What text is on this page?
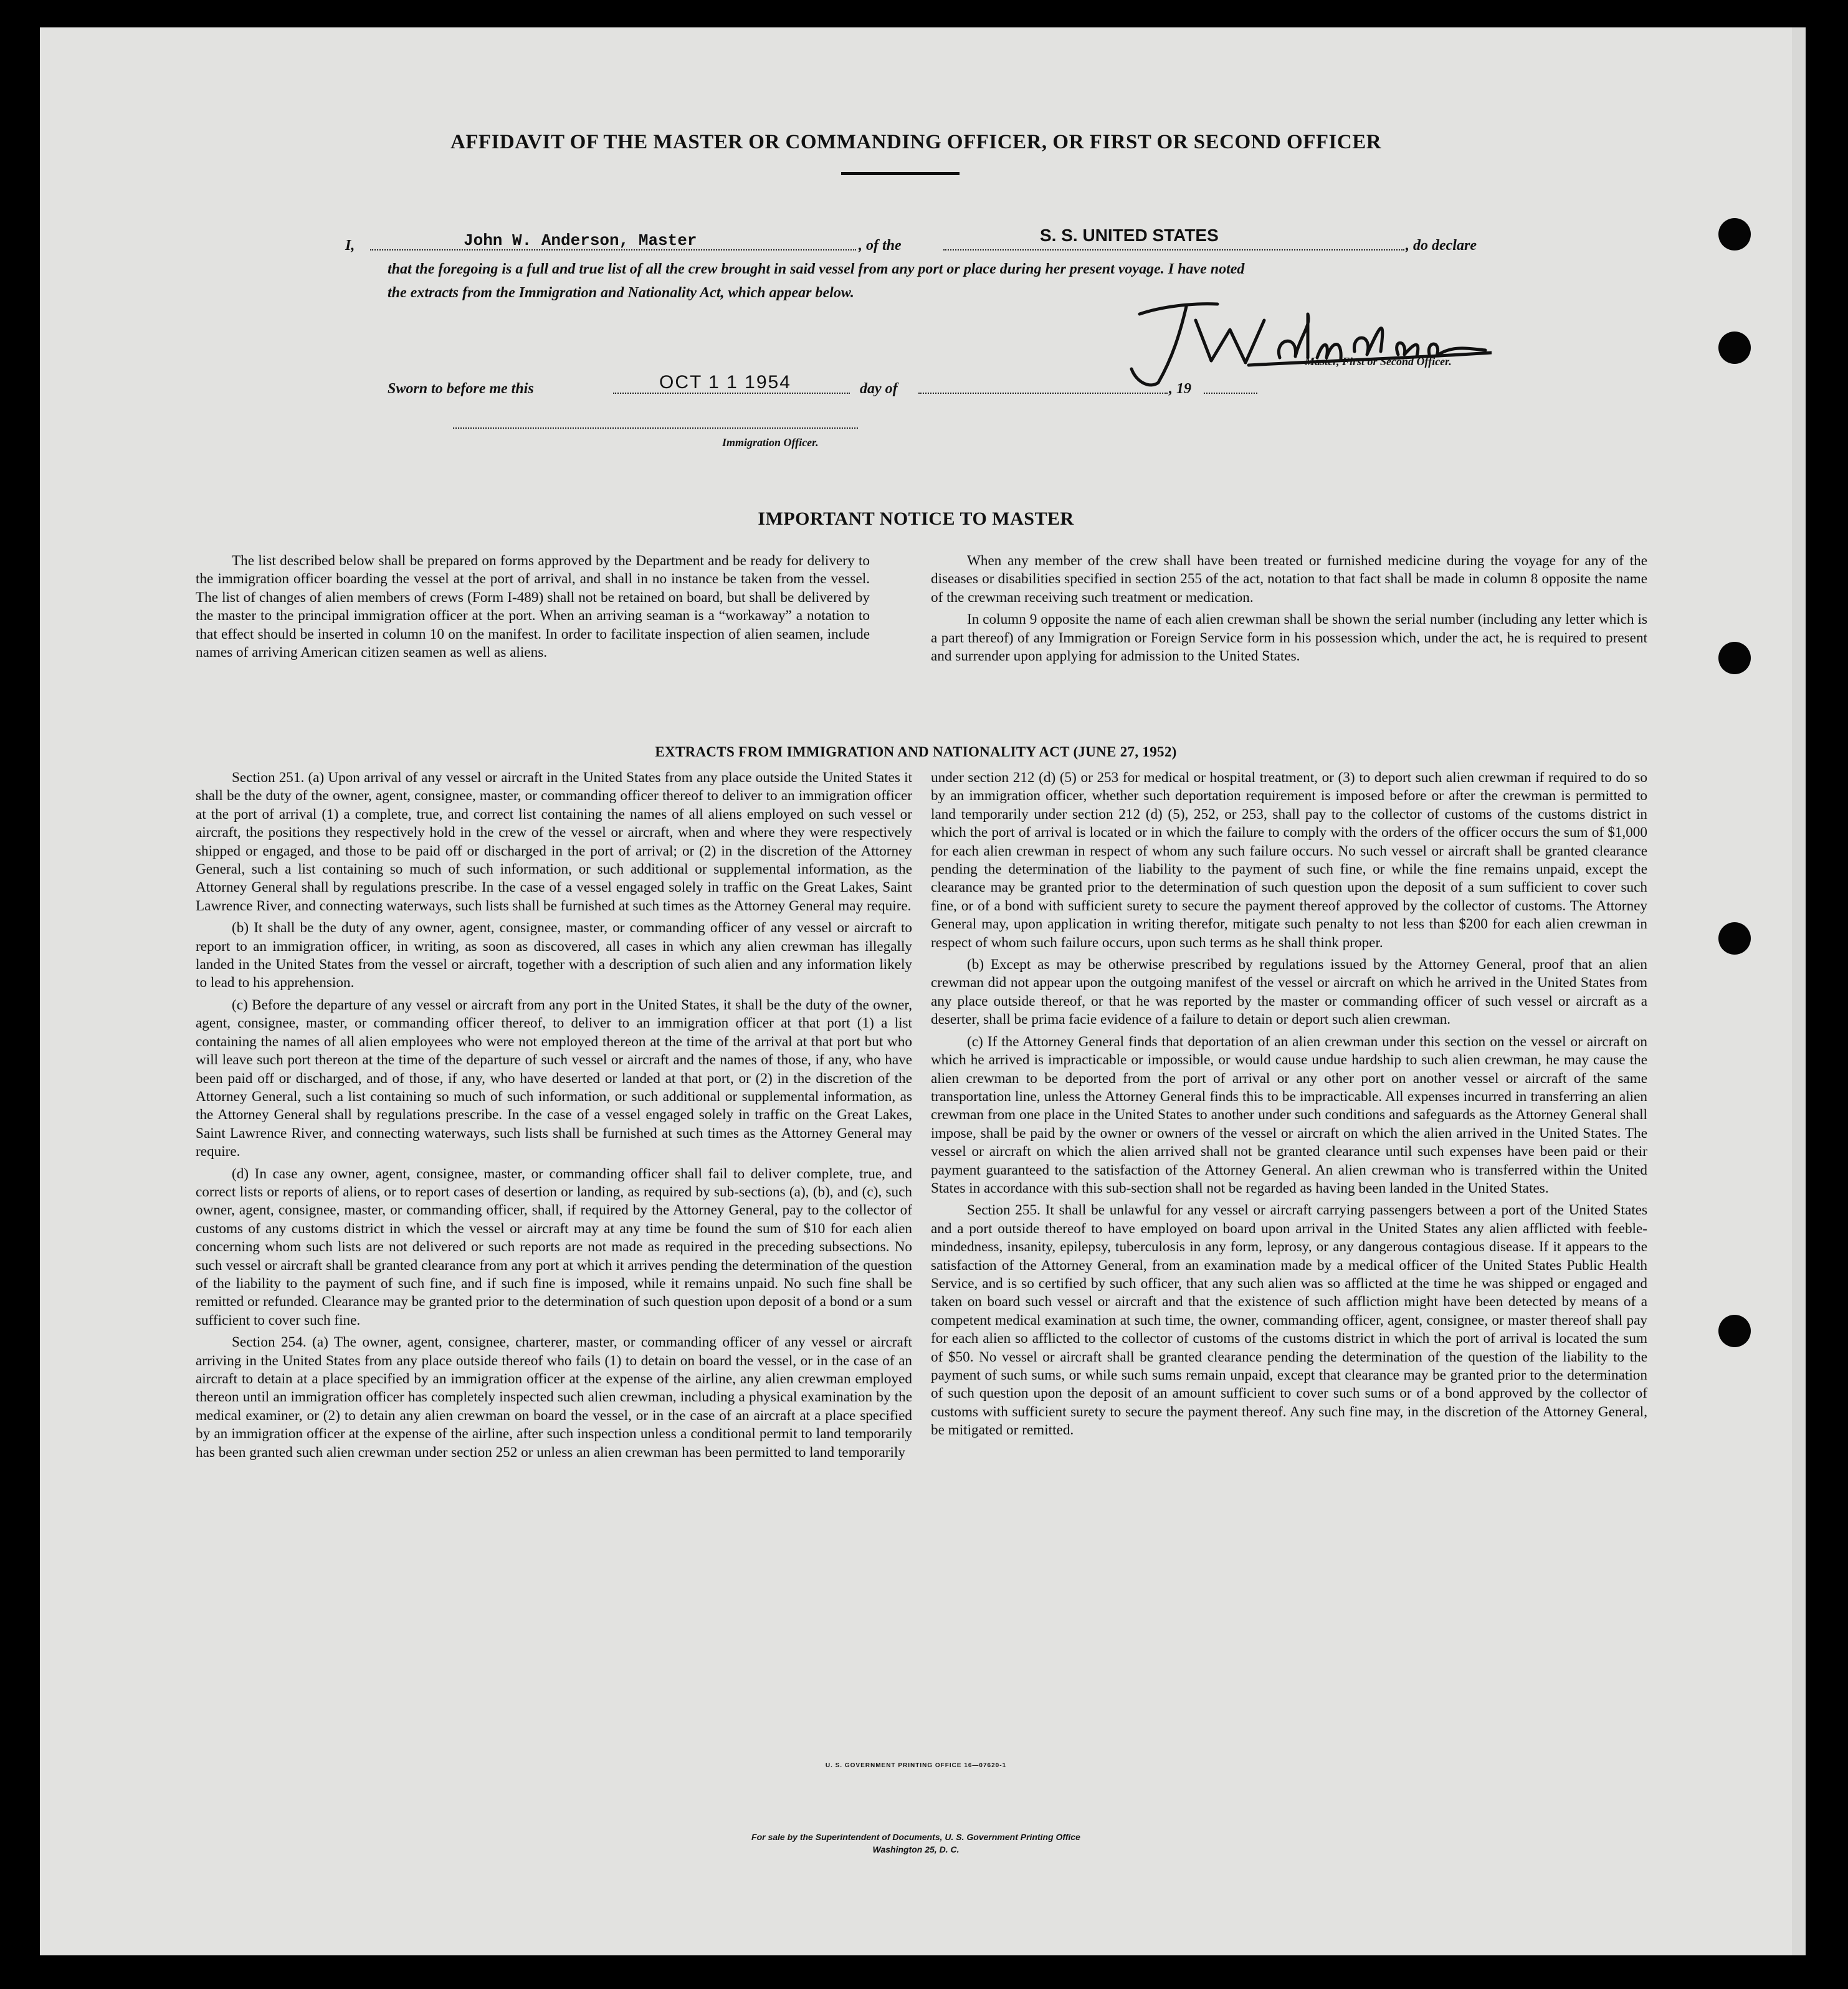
AFFIDAVIT OF THE MASTER OR COMMANDING OFFICER, OR FIRST OR SECOND OFFICER
I,	John W. Anderson, Master	, of the
S. S. UNITED STATES
, do declare
that the foregoing is a full and true list of all the crew brought in said vessel from any port or place during her present voyage. I have noted
the extracts from the Immigration and Nationality Act, which appear below.
Master, First or Second Officer.
Sworn to before me this	OCT 1 1 1954	day of	, 19
Immigration Officer.
IMPORTANT NOTICE TO MASTER

The list described below shall be prepared on forms approved by the Department and be ready for delivery to the immigration officer boarding the vessel at the port of arrival, and shall in no instance be taken from the vessel. The list of changes of alien members of crews (Form I-489) shall not be retained on board, but shall be delivered by the master to the principal immigration officer at the port. When an arriving seaman is a “workaway” a notation to that effect should be inserted in column 10 on the manifest. In order to facilitate inspection of alien seamen, include names of arriving American citizen seamen as well as aliens.

When any member of the crew shall have been treated or furnished medicine during the voyage for any of the diseases or disabilities specified in section 255 of the act, notation to that fact shall be made in column 8 opposite the name of the crewman receiving such treatment or medication.

In column 9 opposite the name of each alien crewman shall be shown the serial number (including any letter which is a part thereof) of any Immigration or Foreign Service form in his possession which, under the act, he is required to present and surrender upon applying for admission to the United States.

EXTRACTS FROM IMMIGRATION AND NATIONALITY ACT (JUNE 27, 1952)

Section 251. (a) Upon arrival of any vessel or aircraft in the United States from any place outside the United States it shall be the duty of the owner, agent, consignee, master, or commanding officer thereof to deliver to an immigration officer at the port of arrival (1) a complete, true, and correct list containing the names of all aliens employed on such vessel or aircraft, the positions they respectively hold in the crew of the vessel or aircraft, when and where they were respectively shipped or engaged, and those to be paid off or discharged in the port of arrival; or (2) in the discretion of the Attorney General, such a list containing so much of such information, or such additional or supplemental information, as the Attorney General shall by regulations prescribe. In the case of a vessel engaged solely in traffic on the Great Lakes, Saint Lawrence River, and connecting waterways, such lists shall be furnished at such times as the Attorney General may require.

(b) It shall be the duty of any owner, agent, consignee, master, or commanding officer of any vessel or aircraft to report to an immigration officer, in writing, as soon as discovered, all cases in which any alien crewman has illegally landed in the United States from the vessel or aircraft, together with a description of such alien and any information likely to lead to his apprehension.

(c) Before the departure of any vessel or aircraft from any port in the United States, it shall be the duty of the owner, agent, consignee, master, or commanding officer thereof, to deliver to an immigration officer at that port (1) a list containing the names of all alien employees who were not employed thereon at the time of the arrival at that port but who will leave such port thereon at the time of the departure of such vessel or aircraft and the names of those, if any, who have been paid off or discharged, and of those, if any, who have deserted or landed at that port, or (2) in the discretion of the Attorney General, such a list containing so much of such information, or such additional or supplemental information, as the Attorney General shall by regulations prescribe. In the case of a vessel engaged solely in traffic on the Great Lakes, Saint Lawrence River, and connecting waterways, such lists shall be furnished at such times as the Attorney General may require.

(d) In case any owner, agent, consignee, master, or commanding officer shall fail to deliver complete, true, and correct lists or reports of aliens, or to report cases of desertion or landing, as required by sub-sections (a), (b), and (c), such owner, agent, consignee, master, or commanding officer, shall, if required by the Attorney General, pay to the collector of customs of any customs district in which the vessel or aircraft may at any time be found the sum of $10 for each alien concerning whom such lists are not delivered or such reports are not made as required in the preceding subsections. No such vessel or aircraft shall be granted clearance from any port at which it arrives pending the determination of the question of the liability to the payment of such fine, and if such fine is imposed, while it remains unpaid. No such fine shall be remitted or refunded. Clearance may be granted prior to the determination of such question upon deposit of a bond or a sum sufficient to cover such fine.

Section 254. (a) The owner, agent, consignee, charterer, master, or commanding officer of any vessel or aircraft arriving in the United States from any place outside thereof who fails (1) to detain on board the vessel, or in the case of an aircraft to detain at a place specified by an immigration officer at the expense of the airline, any alien crewman employed thereon until an immigration officer has completely inspected such alien crewman, including a physical examination by the medical examiner, or (2) to detain any alien crewman on board the vessel, or in the case of an aircraft at a place specified by an immigration officer at the expense of the airline, after such inspection unless a conditional permit to land temporarily has been granted such alien crewman under section 252 or unless an alien crewman has been permitted to land temporarily

under section 212 (d) (5) or 253 for medical or hospital treatment, or (3) to deport such alien crewman if required to do so by an immigration officer, whether such deportation requirement is imposed before or after the crewman is permitted to land temporarily under section 212 (d) (5), 252, or 253, shall pay to the collector of customs of the customs district in which the port of arrival is located or in which the failure to comply with the orders of the officer occurs the sum of $1,000 for each alien crewman in respect of whom any such failure occurs. No such vessel or aircraft shall be granted clearance pending the determination of the liability to the payment of such fine, or while the fine remains unpaid, except the clearance may be granted prior to the determination of such question upon the deposit of a sum sufficient to cover such fine, or of a bond with sufficient surety to secure the payment thereof approved by the collector of customs. The Attorney General may, upon application in writing therefor, mitigate such penalty to not less than $200 for each alien crewman in respect of whom such failure occurs, upon such terms as he shall think proper.

(b) Except as may be otherwise prescribed by regulations issued by the Attorney General, proof that an alien crewman did not appear upon the outgoing manifest of the vessel or aircraft on which he arrived in the United States from any place outside thereof, or that he was reported by the master or commanding officer of such vessel or aircraft as a deserter, shall be prima facie evidence of a failure to detain or deport such alien crewman.

(c) If the Attorney General finds that deportation of an alien crewman under this section on the vessel or aircraft on which he arrived is impracticable or impossible, or would cause undue hardship to such alien crewman, he may cause the alien crewman to be deported from the port of arrival or any other port on another vessel or aircraft of the same transportation line, unless the Attorney General finds this to be impracticable. All expenses incurred in transferring an alien crewman from one place in the United States to another under such conditions and safeguards as the Attorney General shall impose, shall be paid by the owner or owners of the vessel or aircraft on which the alien arrived in the United States. The vessel or aircraft on which the alien arrived shall not be granted clearance until such expenses have been paid or their payment guaranteed to the satisfaction of the Attorney General. An alien crewman who is transferred within the United States in accordance with this sub-section shall not be regarded as having been landed in the United States.

Section 255. It shall be unlawful for any vessel or aircraft carrying passengers between a port of the United States and a port outside thereof to have employed on board upon arrival in the United States any alien afflicted with feeble-mindedness, insanity, epilepsy, tuberculosis in any form, leprosy, or any dangerous contagious disease. If it appears to the satisfaction of the Attorney General, from an examination made by a medical officer of the United States Public Health Service, and is so certified by such officer, that any such alien was so afflicted at the time he was shipped or engaged and taken on board such vessel or aircraft and that the existence of such affliction might have been detected by means of a competent medical examination at such time, the owner, commanding officer, agent, consignee, or master thereof shall pay for each alien so afflicted to the collector of customs of the customs district in which the port of arrival is located the sum of $50. No vessel or aircraft shall be granted clearance pending the determination of the question of the liability to the payment of such sums, or while such sums remain unpaid, except that clearance may be granted prior to the determination of such question upon the deposit of an amount sufficient to cover such sums or of a bond approved by the collector of customs with sufficient surety to secure the payment thereof. Any such fine may, in the discretion of the Attorney General, be mitigated or remitted.

U. S. GOVERNMENT PRINTING OFFICE 16—07620-1
For sale by the Superintendent of Documents, U. S. Government Printing Office
Washington 25, D. C.
